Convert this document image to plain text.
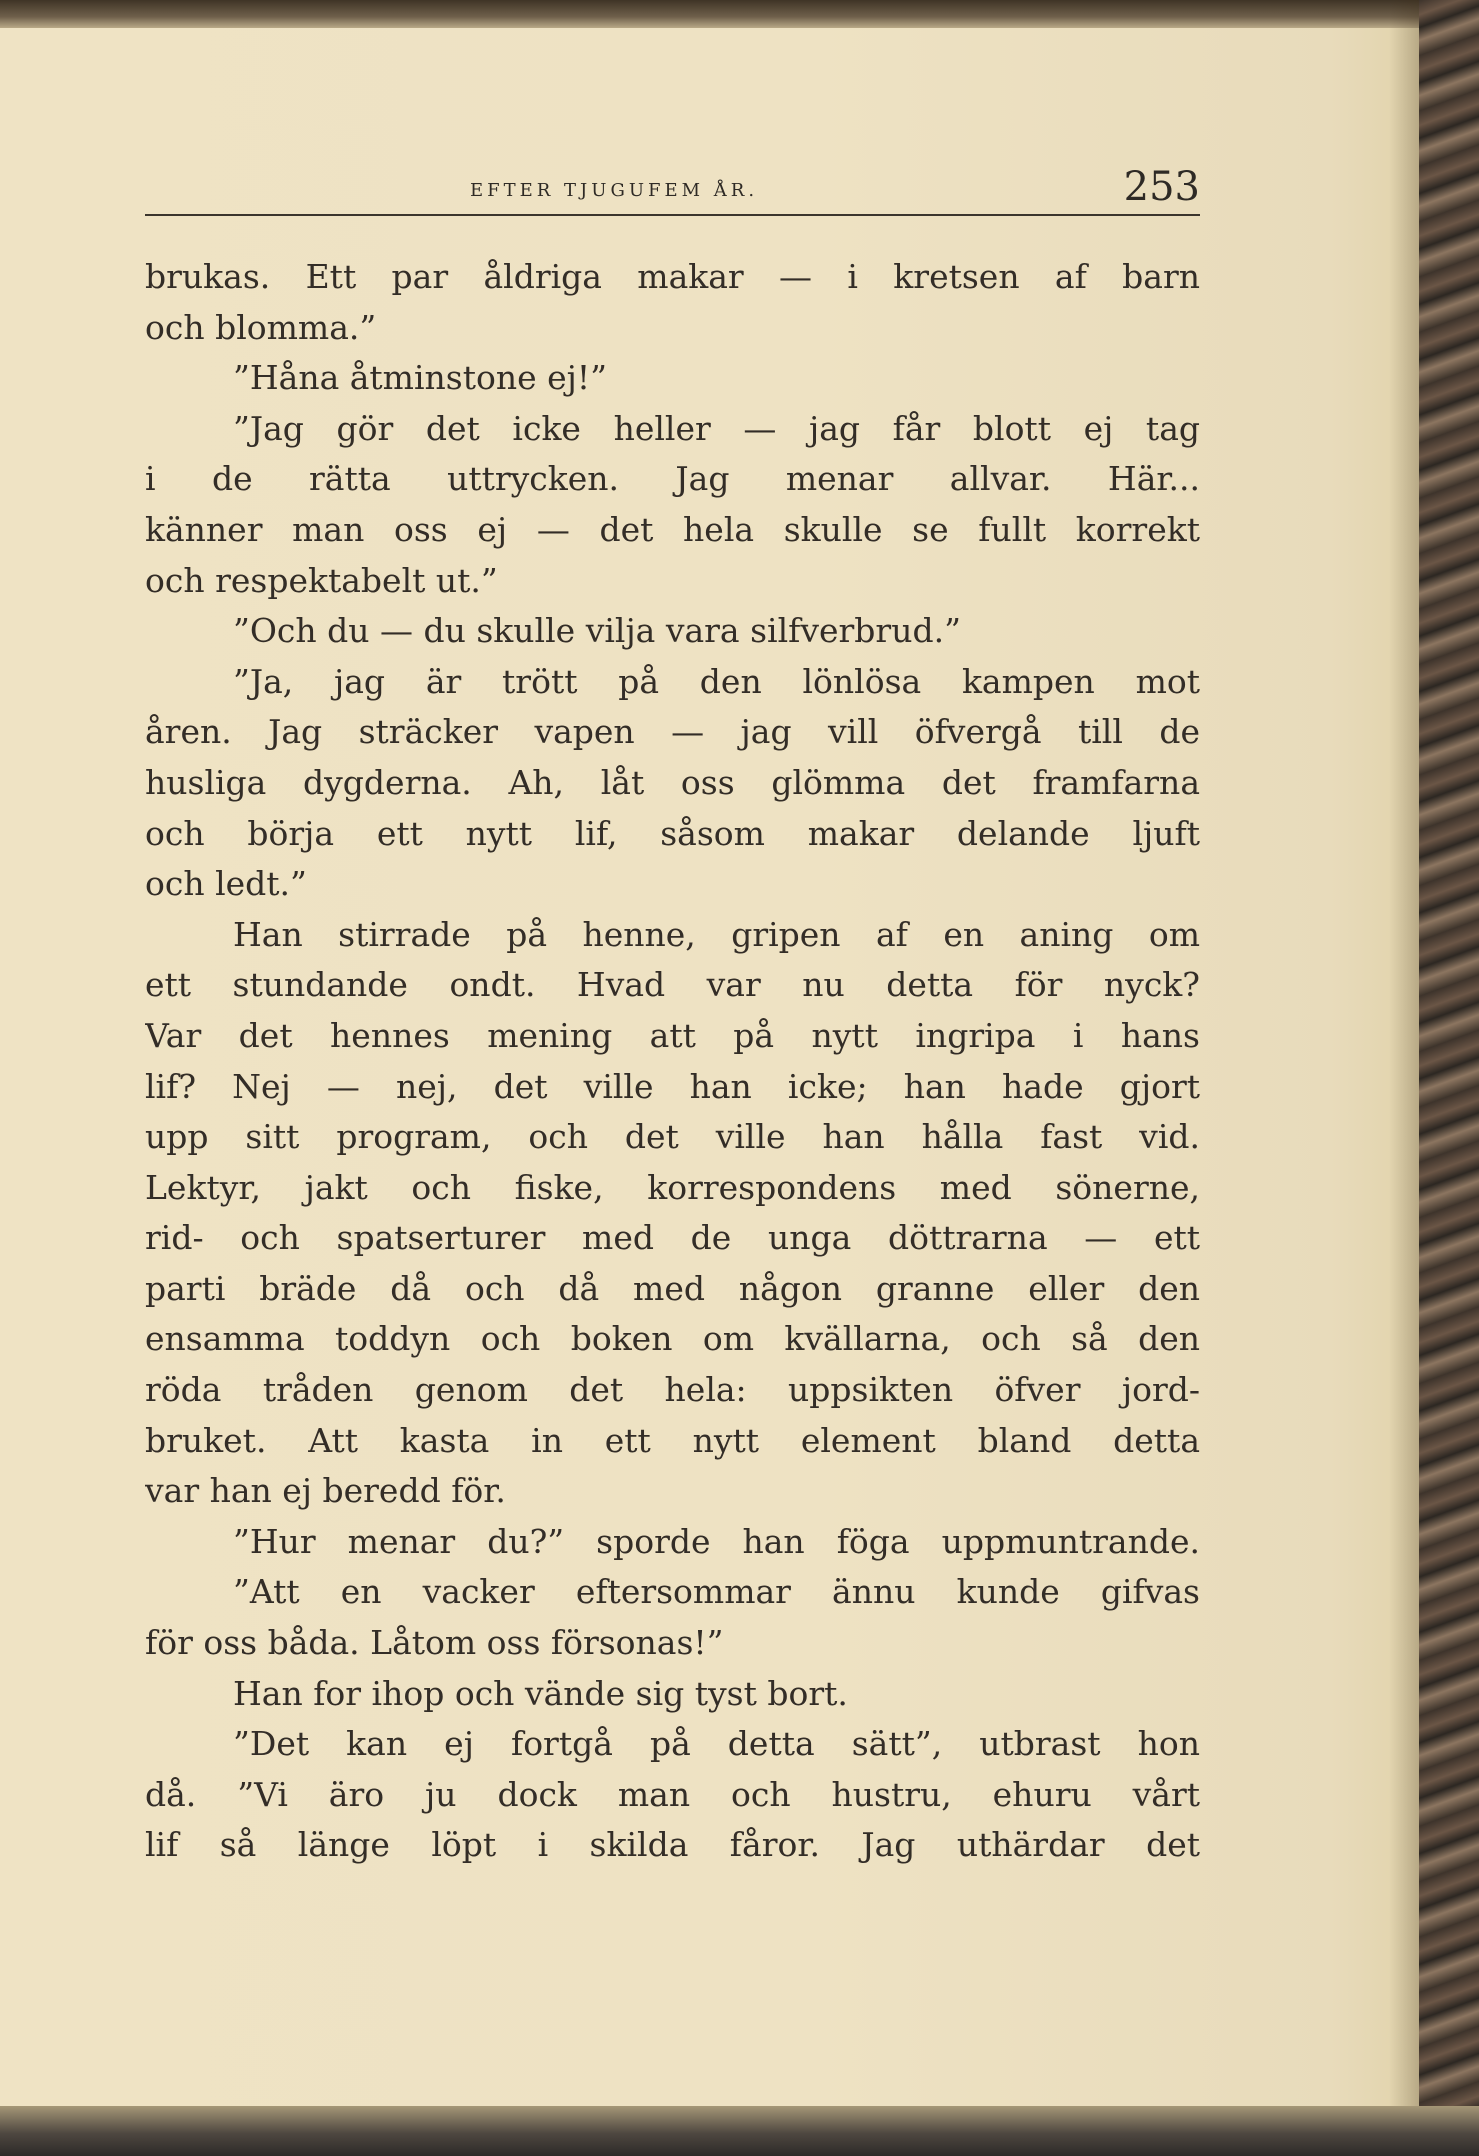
EFTER TJUGUFEM ÅR.	253
brukas. Ett par åldriga makar — i kretsen af barn
och blomma.”
”Håna åtminstone ej!”
”Jag gör det icke heller — jag får blott ej tag
i de rätta uttrycken. Jag menar allvar. Här...
känner man oss ej — det hela skulle se fullt korrekt
och respektabelt ut.”
”Och du — du skulle vilja vara silfverbrud.”
”Ja, jag är trött på den lönlösa kampen mot
åren. Jag sträcker vapen — jag vill öfvergå till de
husliga dygderna. Ah, låt oss glömma det framfarna
och börja ett nytt lif, såsom makar delande ljuft
och ledt.”
Han stirrade på henne, gripen af en aning om
ett stundande ondt. Hvad var nu detta för nyck?
Var det hennes mening att på nytt ingripa i hans
lif? Nej — nej, det ville han icke; han hade gjort
upp sitt program, och det ville han hålla fast vid.
Lektyr, jakt och fiske, korrespondens med sönerne,
rid- och spatserturer med de unga döttrarna — ett
parti bräde då och då med någon granne eller den
ensamma toddyn och boken om kvällarna, och så den
röda tråden genom det hela: uppsikten öfver jord-
bruket. Att kasta in ett nytt element bland detta
var han ej beredd för.
”Hur menar du?” sporde han föga uppmuntrande.
”Att en vacker eftersommar ännu kunde gifvas
för oss båda. Låtom oss försonas!”
Han for ihop och vände sig tyst bort.
”Det kan ej fortgå på detta sätt”, utbrast hon
då. ”Vi äro ju dock man och hustru, ehuru vårt
lif så länge löpt i skilda fåror. Jag uthärdar det
